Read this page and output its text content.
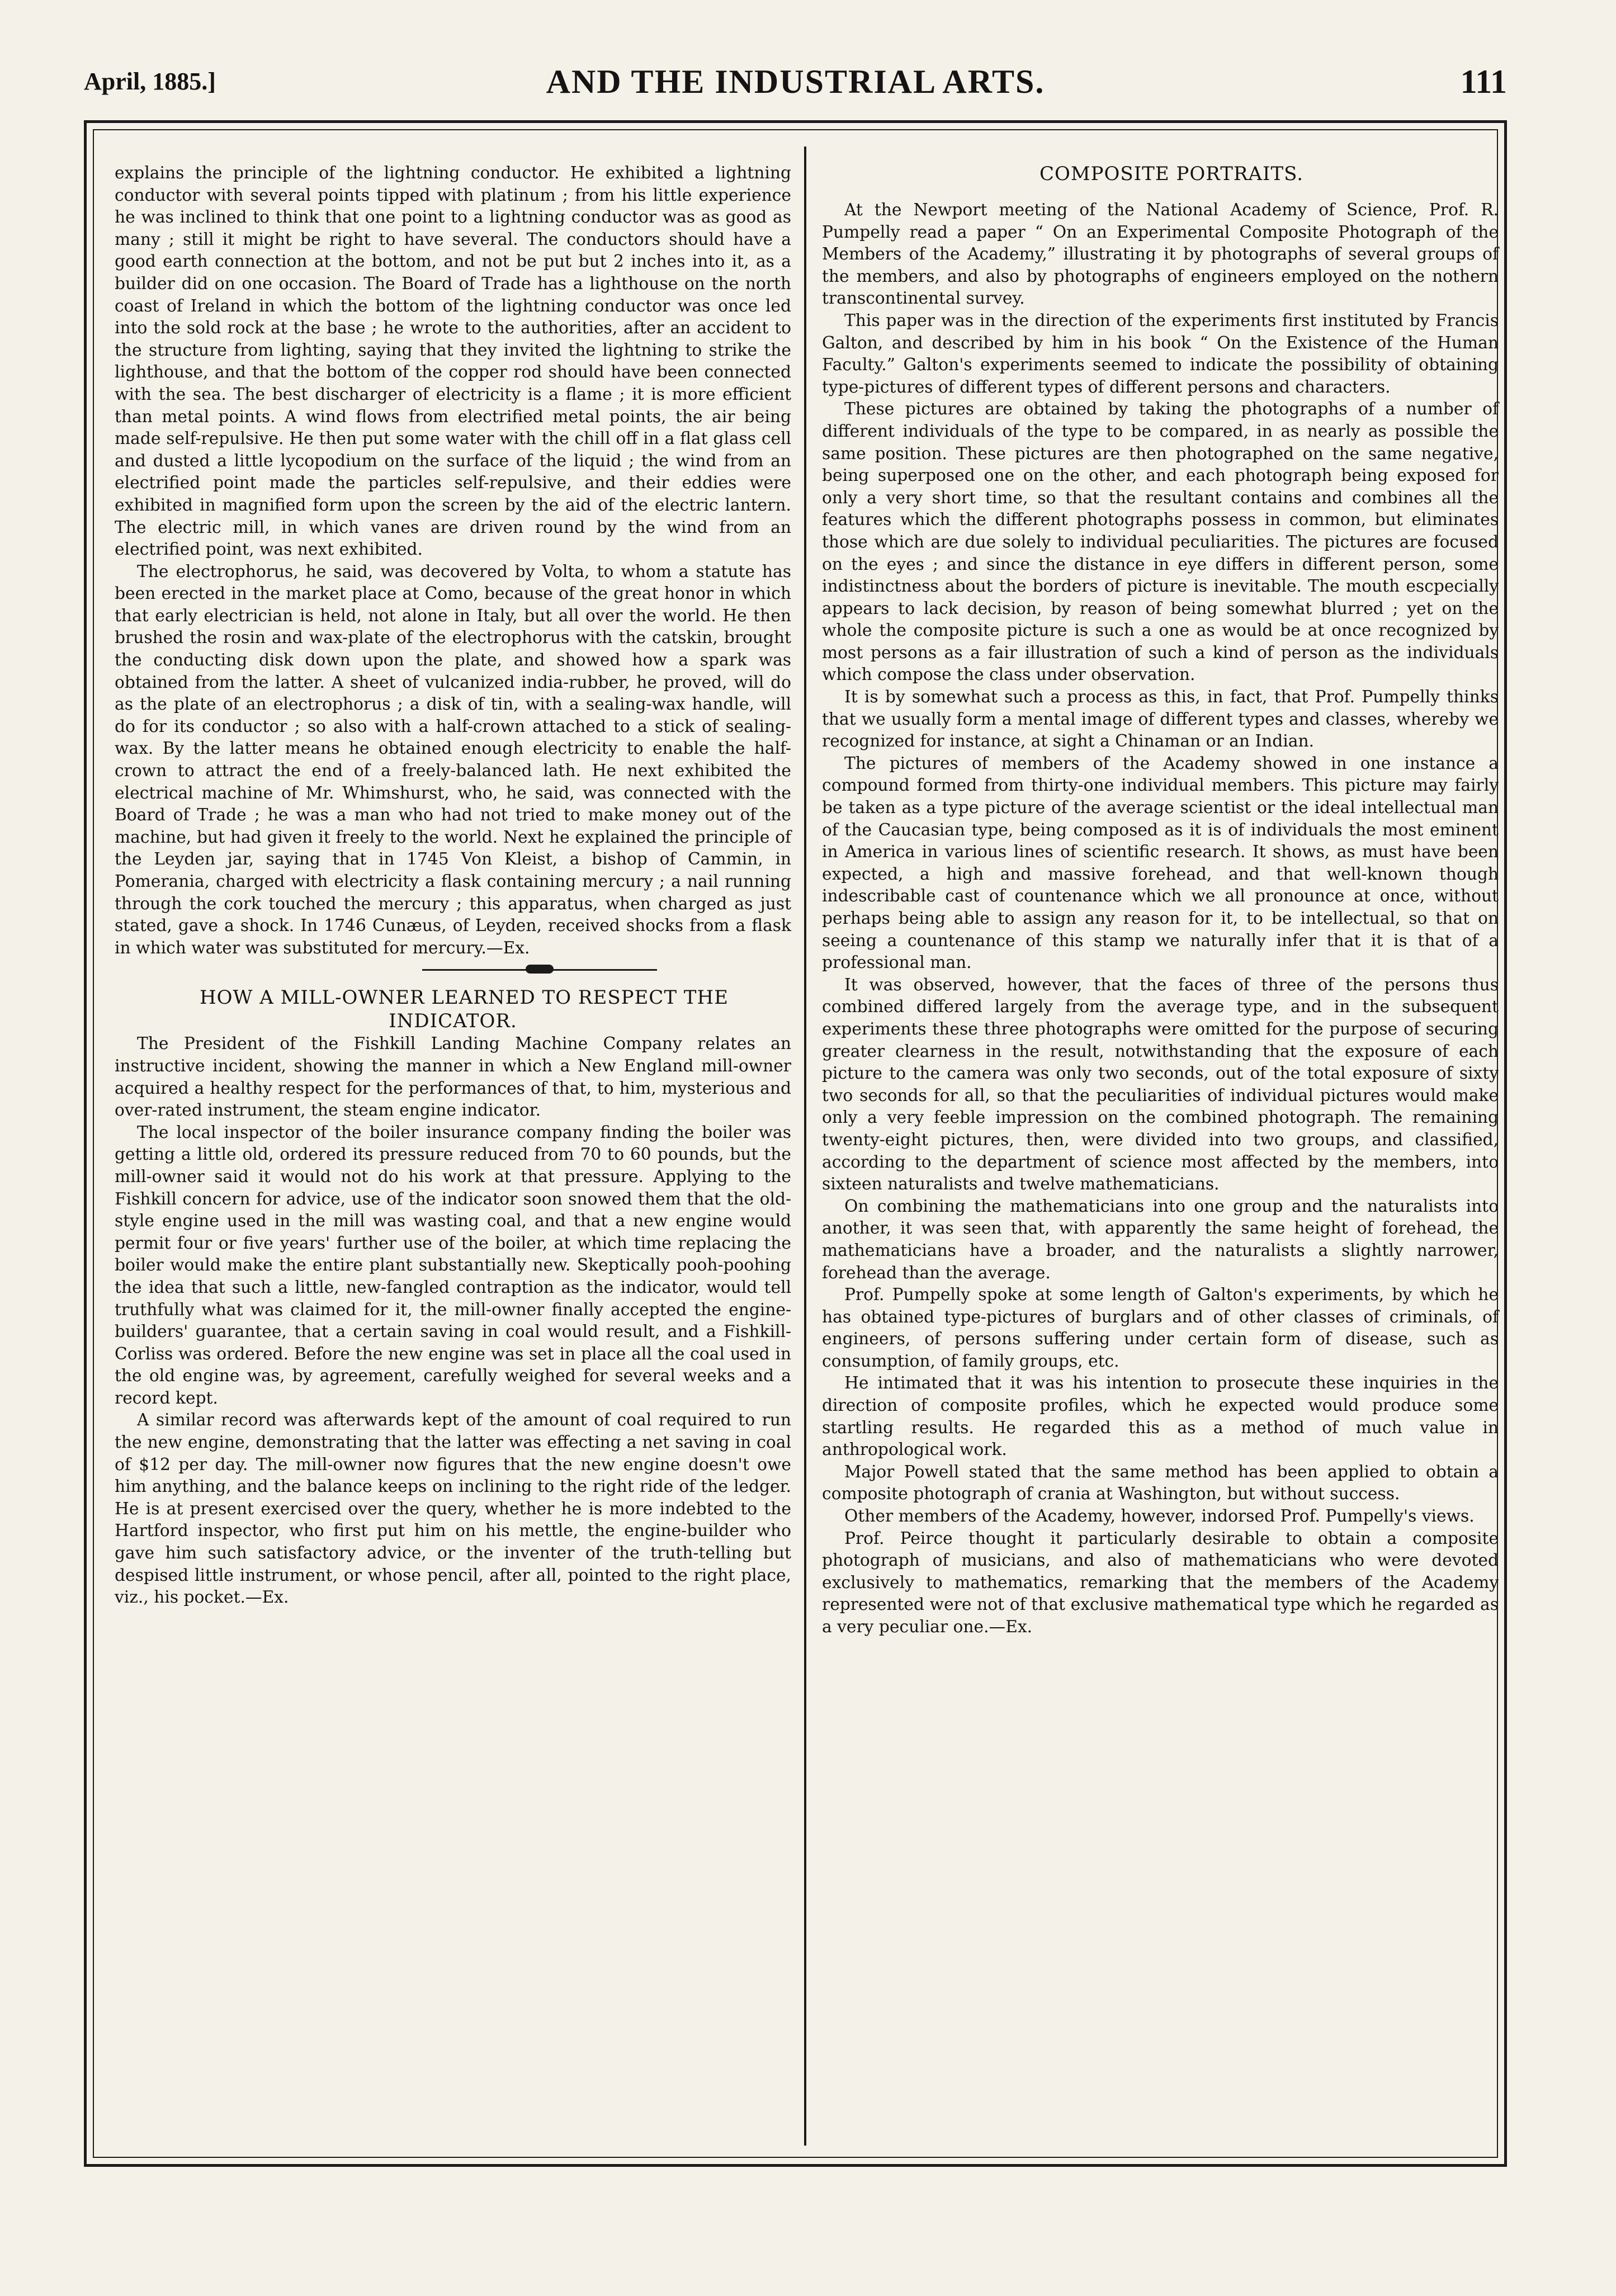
April, 1885.]	AND THE INDUSTRIAL ARTS.	111

explains the principle of the lightning conductor. He exhibited a lightning conductor with several points tipped with platinum ; from his little experience he was inclined to think that one point to a lightning conductor was as good as many ; still it might be right to have several. The conductors should have a good earth connection at the bottom, and not be put but 2 inches into it, as a builder did on one occasion. The Board of Trade has a lighthouse on the north coast of Ireland in which the bottom of the lightning conductor was once led into the sold rock at the base ; he wrote to the authorities, after an accident to the structure from lighting, saying that they invited the lightning to strike the lighthouse, and that the bottom of the copper rod should have been connected with the sea. The best discharger of electricity is a flame ; it is more efficient than metal points. A wind flows from electrified metal points, the air being made self-repulsive. He then put some water with the chill off in a flat glass cell and dusted a little lycopodium on the surface of the liquid ; the wind from an electrified point made the particles self-repulsive, and their eddies were exhibited in magnified form upon the screen by the aid of the electric lantern. The electric mill, in which vanes are driven round by the wind from an electrified point, was next exhibited.

The electrophorus, he said, was decovered by Volta, to whom a statute has been erected in the market place at Como, because of the great honor in which that early electrician is held, not alone in Italy, but all over the world. He then brushed the rosin and wax-plate of the electrophorus with the catskin, brought the conducting disk down upon the plate, and showed how a spark was obtained from the latter. A sheet of vulcanized india-rubber, he proved, will do as the plate of an electrophorus ; a disk of tin, with a sealing-wax handle, will do for its conductor ; so also with a half-crown attached to a stick of sealing-wax. By the latter means he obtained enough electricity to enable the half-crown to attract the end of a freely-balanced lath. He next exhibited the electrical machine of Mr. Whimshurst, who, he said, was connected with the Board of Trade ; he was a man who had not tried to make money out of the machine, but had given it freely to the world. Next he explained the principle of the Leyden jar, saying that in 1745 Von Kleist, a bishop of Cammin, in Pomerania, charged with electricity a flask containing mercury ; a nail running through the cork touched the mercury ; this apparatus, when charged as just stated, gave a shock. In 1746 Cunæus, of Leyden, received shocks from a flask in which water was substituted for mercury.—Ex.

HOW A MILL-OWNER LEARNED TO RESPECT THE INDICATOR.

The President of the Fishkill Landing Machine Company relates an instructive incident, showing the manner in which a New England mill-owner acquired a healthy respect for the performances of that, to him, mysterious and over-rated instrument, the steam engine indicator.

The local inspector of the boiler insurance company finding the boiler was getting a little old, ordered its pressure reduced from 70 to 60 pounds, but the mill-owner said it would not do his work at that pressure. Applying to the Fishkill concern for advice, use of the indicator soon snowed them that the old-style engine used in the mill was wasting coal, and that a new engine would permit four or five years' further use of the boiler, at which time replacing the boiler would make the entire plant substantially new. Skeptically pooh-poohing the idea that such a little, new-fangled contraption as the indicator, would tell truthfully what was claimed for it, the mill-owner finally accepted the engine-builders' guarantee, that a certain saving in coal would result, and a Fishkill-Corliss was ordered. Before the new engine was set in place all the coal used in the old engine was, by agreement, carefully weighed for several weeks and a record kept.

A similar record was afterwards kept of the amount of coal required to run the new engine, demonstrating that the latter was effecting a net saving in coal of $12 per day. The mill-owner now figures that the new engine doesn't owe him anything, and the balance keeps on inclining to the right ride of the ledger. He is at present exercised over the query, whether he is more indebted to the Hartford inspector, who first put him on his mettle, the engine-builder who gave him such satisfactory advice, or the inventer of the truth-telling but despised little instrument, or whose pencil, after all, pointed to the right place, viz., his pocket.—Ex.

COMPOSITE PORTRAITS.

At the Newport meeting of the National Academy of Science, Prof. R. Pumpelly read a paper “ On an Experimental Composite Photograph of the Members of the Academy,” illustrating it by photographs of several groups of the members, and also by photographs of engineers employed on the nothern transcontinental survey.

This paper was in the direction of the experiments first instituted by Francis Galton, and described by him in his book “ On the Existence of the Human Faculty.” Galton's experiments seemed to indicate the possibility of obtaining type-pictures of different types of different persons and characters.

These pictures are obtained by taking the photographs of a number of different individuals of the type to be compared, in as nearly as possible the same position. These pictures are then photographed on the same negative, being superposed one on the other, and each photograph being exposed for only a very short time, so that the resultant contains and combines all the features which the different photographs possess in common, but eliminates those which are due solely to individual peculiarities. The pictures are focused on the eyes ; and since the distance in eye differs in different person, some indistinctness about the borders of picture is inevitable. The mouth escpecially appears to lack decision, by reason of being somewhat blurred ; yet on the whole the composite picture is such a one as would be at once recognized by most persons as a fair illustration of such a kind of person as the individuals which compose the class under observation.

It is by somewhat such a process as this, in fact, that Prof. Pumpelly thinks that we usually form a mental image of different types and classes, whereby we recognized for instance, at sight a Chinaman or an Indian.

The pictures of members of the Academy showed in one instance a compound formed from thirty-one individual members. This picture may fairly be taken as a type picture of the average scientist or the ideal intellectual man of the Caucasian type, being composed as it is of individuals the most eminent in America in various lines of scientific research. It shows, as must have been expected, a high and massive forehead, and that well-known though indescribable cast of countenance which we all pronounce at once, without perhaps being able to assign any reason for it, to be intellectual, so that on seeing a countenance of this stamp we naturally infer that it is that of a professional man.

It was observed, however, that the faces of three of the persons thus combined differed largely from the average type, and in the subsequent experiments these three photographs were omitted for the purpose of securing greater clearness in the result, notwithstanding that the exposure of each picture to the camera was only two seconds, out of the total exposure of sixty two seconds for all, so that the peculiarities of individual pictures would make only a very feeble impression on the combined photograph. The remaining twenty-eight pictures, then, were divided into two groups, and classified, according to the department of science most affected by the members, into sixteen naturalists and twelve mathematicians.

On combining the mathematicians into one group and the naturalists into another, it was seen that, with apparently the same height of forehead, the mathematicians have a broader, and the naturalists a slightly narrower, forehead than the average.

Prof. Pumpelly spoke at some length of Galton's experiments, by which he has obtained type-pictures of burglars and of other classes of criminals, of engineers, of persons suffering under certain form of disease, such as consumption, of family groups, etc.

He intimated that it was his intention to prosecute these inquiries in the direction of composite profiles, which he expected would produce some startling results. He regarded this as a method of much value in anthropological work.

Major Powell stated that the same method has been applied to obtain a composite photograph of crania at Washington, but without success.

Other members of the Academy, however, indorsed Prof. Pumpelly's views.

Prof. Peirce thought it particularly desirable to obtain a composite photograph of musicians, and also of mathematicians who were devoted exclusively to mathematics, remarking that the members of the Academy represented were not of that exclusive mathematical type which he regarded as a very peculiar one.—Ex.
